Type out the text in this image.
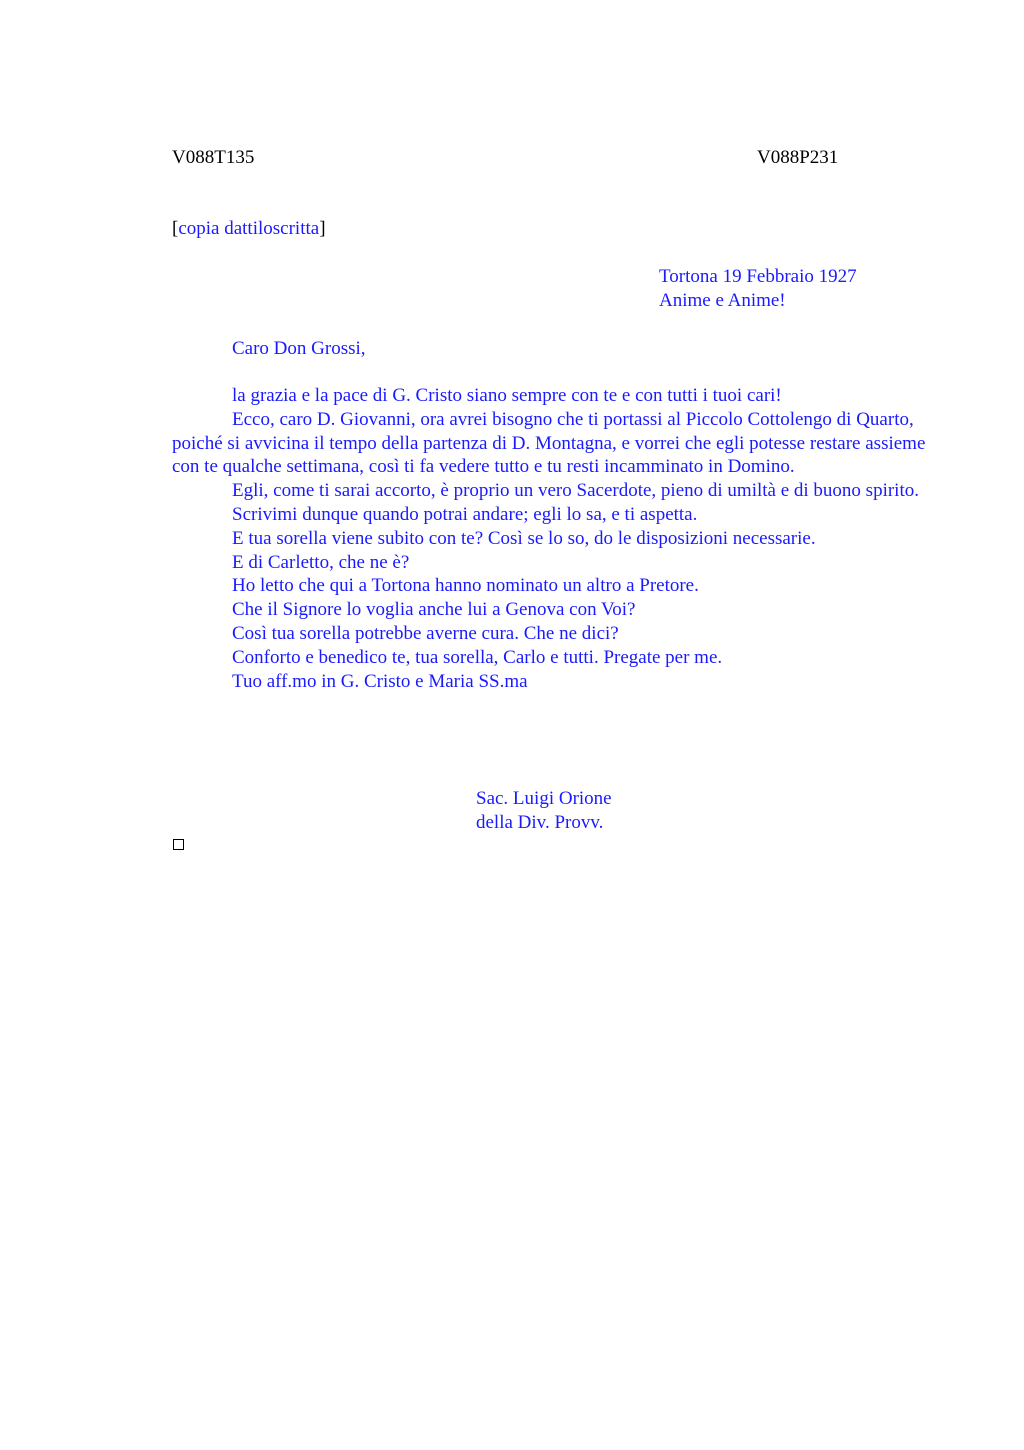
V088T135	V088P231
[copia dattiloscritta]
Tortona 19 Febbraio 1927
Anime e Anime!
Caro Don Grossi,

la grazia e la pace di G. Cristo siano sempre con te e con tutti i tuoi cari!

Ecco, caro D. Giovanni, ora avrei bisogno che ti portassi al Piccolo Cottolengo di Quarto, poiché si avvicina il tempo della partenza di D. Montagna, e vorrei che egli potesse restare assieme con te qualche settimana, così ti fa vedere tutto e tu resti incamminato in Domino.

Egli, come ti sarai accorto, è proprio un vero Sacerdote, pieno di umiltà e di buono spirito.

Scrivimi dunque quando potrai andare; egli lo sa, e ti aspetta.

E tua sorella viene subito con te? Così se lo so, do le disposizioni necessarie.

E di Carletto, che ne è?

Ho letto che qui a Tortona hanno nominato un altro a Pretore.

Che il Signore lo voglia anche lui a Genova con Voi?

Così tua sorella potrebbe averne cura. Che ne dici?

Conforto e benedico te, tua sorella, Carlo e tutti. Pregate per me.

Tuo aff.mo in G. Cristo e Maria SS.ma

Sac. Luigi Orione
della Div. Provv.
